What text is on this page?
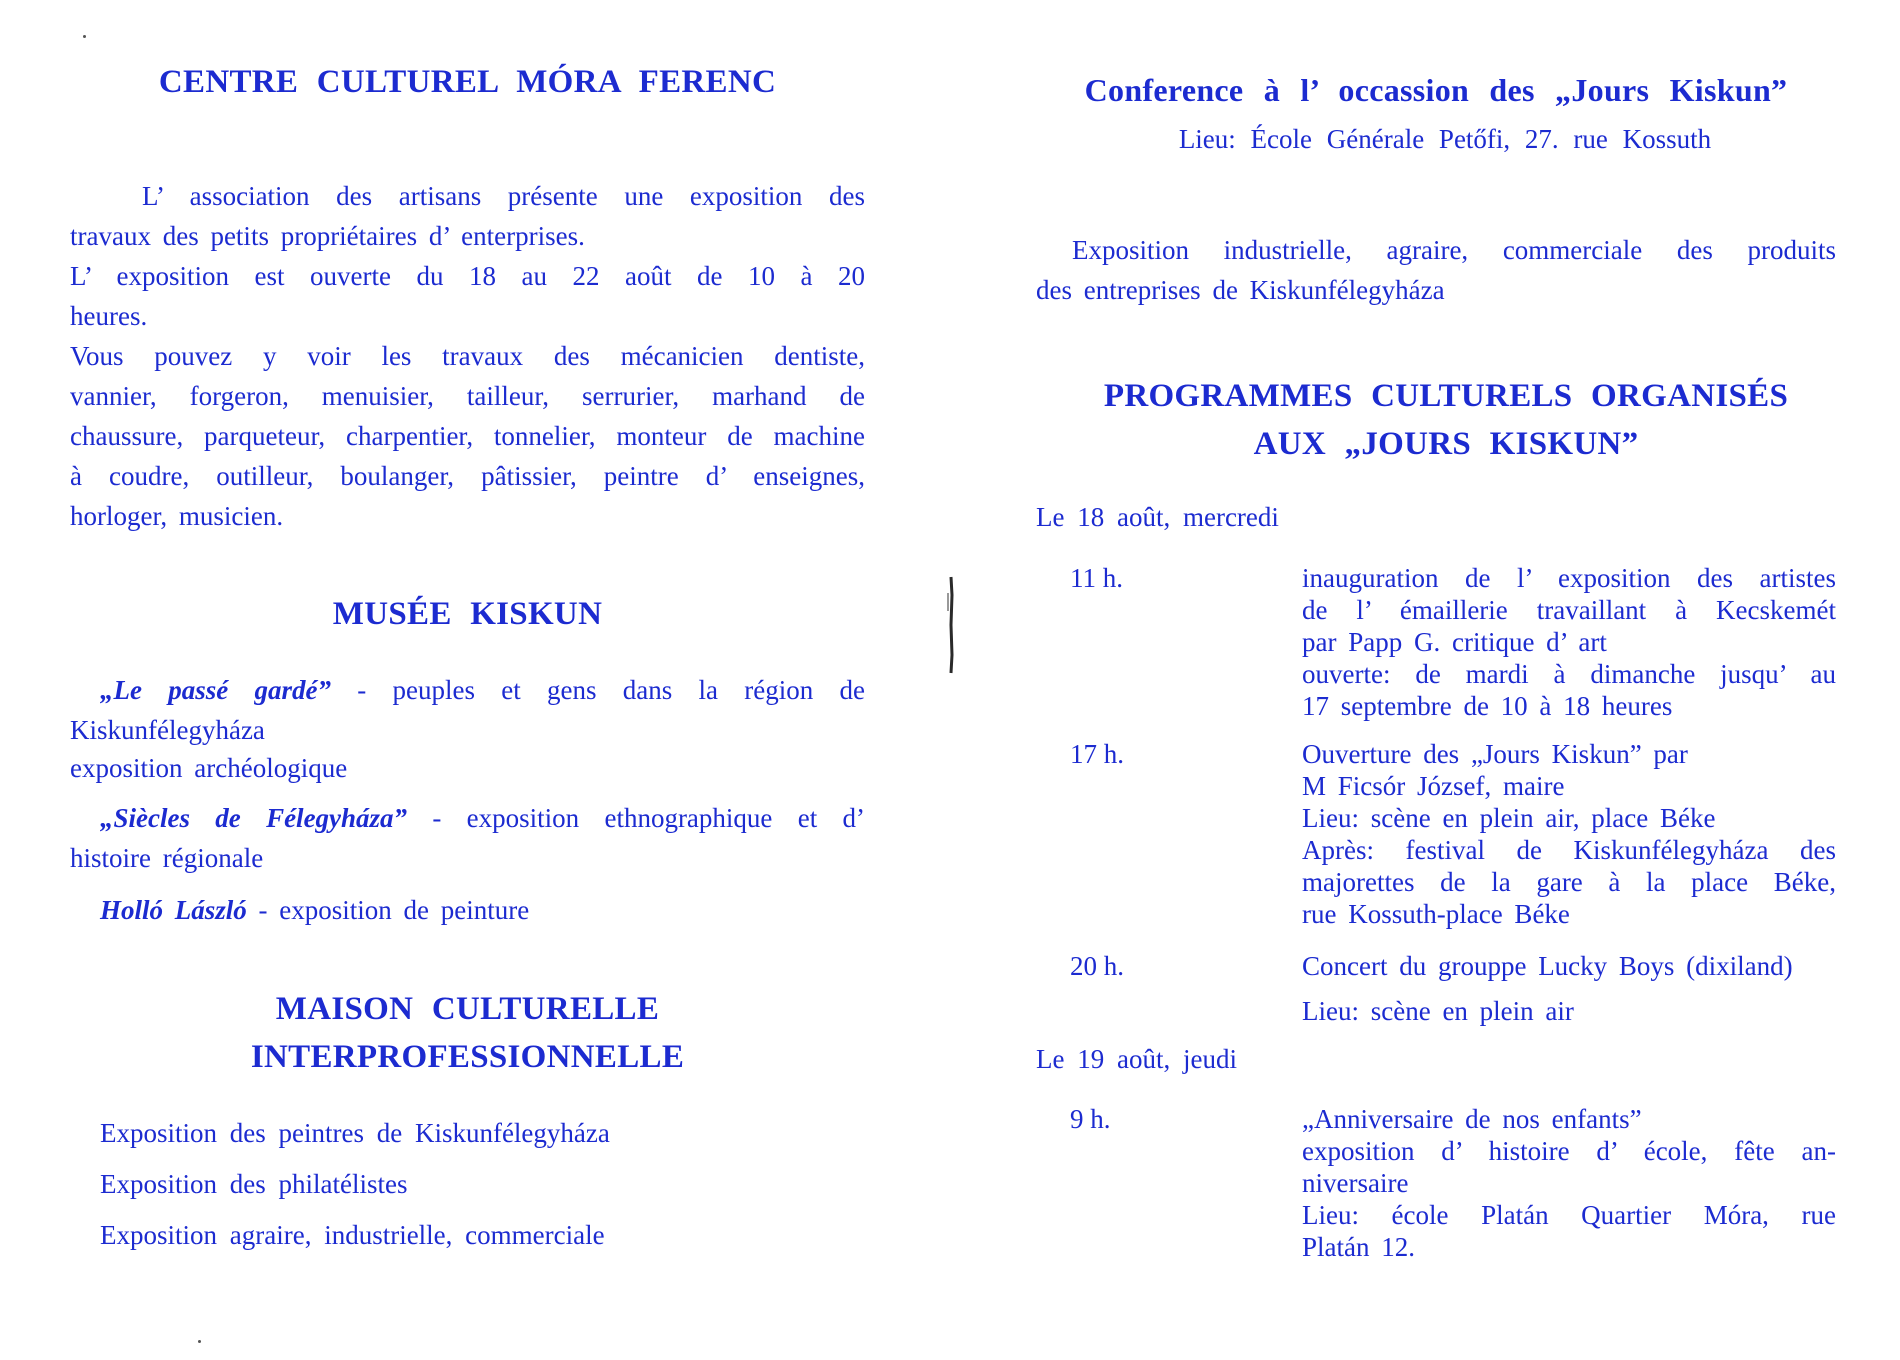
CENTRE CULTUREL MÓRA FERENC

L’ association des artisans présente une exposition des
travaux des petits propriétaires d’ enterprises.

L’ exposition est ouverte du 18 au 22 août de 10 à 20
heures.

Vous pouvez y voir les travaux des mécanicien dentiste,
vannier, forgeron, menuisier, tailleur, serrurier, marhand de
chaussure, parqueteur, charpentier, tonnelier, monteur de machine
à coudre, outilleur, boulanger, pâtissier, peintre d’ enseignes,
horloger, musicien.

MUSÉE KISKUN
„Le passé gardé” - peuples et gens dans la région de
Kiskunfélegyháza
exposition archéologique
„Siècles de Félegyháza” - exposition ethnographique et d’
histoire régionale
Holló László - exposition de peinture
MAISON CULTURELLE
INTERPROFESSIONNELLE
Exposition des peintres de Kiskunfélegyháza
Exposition des philatélistes
Exposition agraire, industrielle, commerciale
Conference à l’ occassion des „Jours Kiskun”
Lieu: École Générale Petőfi, 27. rue Kossuth
Exposition industrielle, agraire, commerciale des produits
des entreprises de Kiskunfélegyháza
PROGRAMMES CULTURELS ORGANISÉS
AUX „JOURS KISKUN”
Le 18 août, mercredi
11 h.	inauguration de l’ exposition des artistes
de l’ émaillerie travaillant à Kecskemét
par Papp G. critique d’ art
ouverte: de mardi à dimanche jusqu’ au
17 septembre de 10 à 18 heures
17 h.	Ouverture des „Jours Kiskun” par
M Ficsór József, maire
Lieu: scène en plein air, place Béke
Après: festival de Kiskunfélegyháza des
majorettes de la gare à la place Béke,
rue Kossuth-place Béke
20 h.	Concert du grouppe Lucky Boys (dixiland)
Lieu: scène en plein air
Le 19 août, jeudi
9 h.	„Anniversaire de nos enfants”
exposition d’ histoire d’ école, fête an-
niversaire
Lieu: école Platán Quartier Móra, rue
Platán 12.
